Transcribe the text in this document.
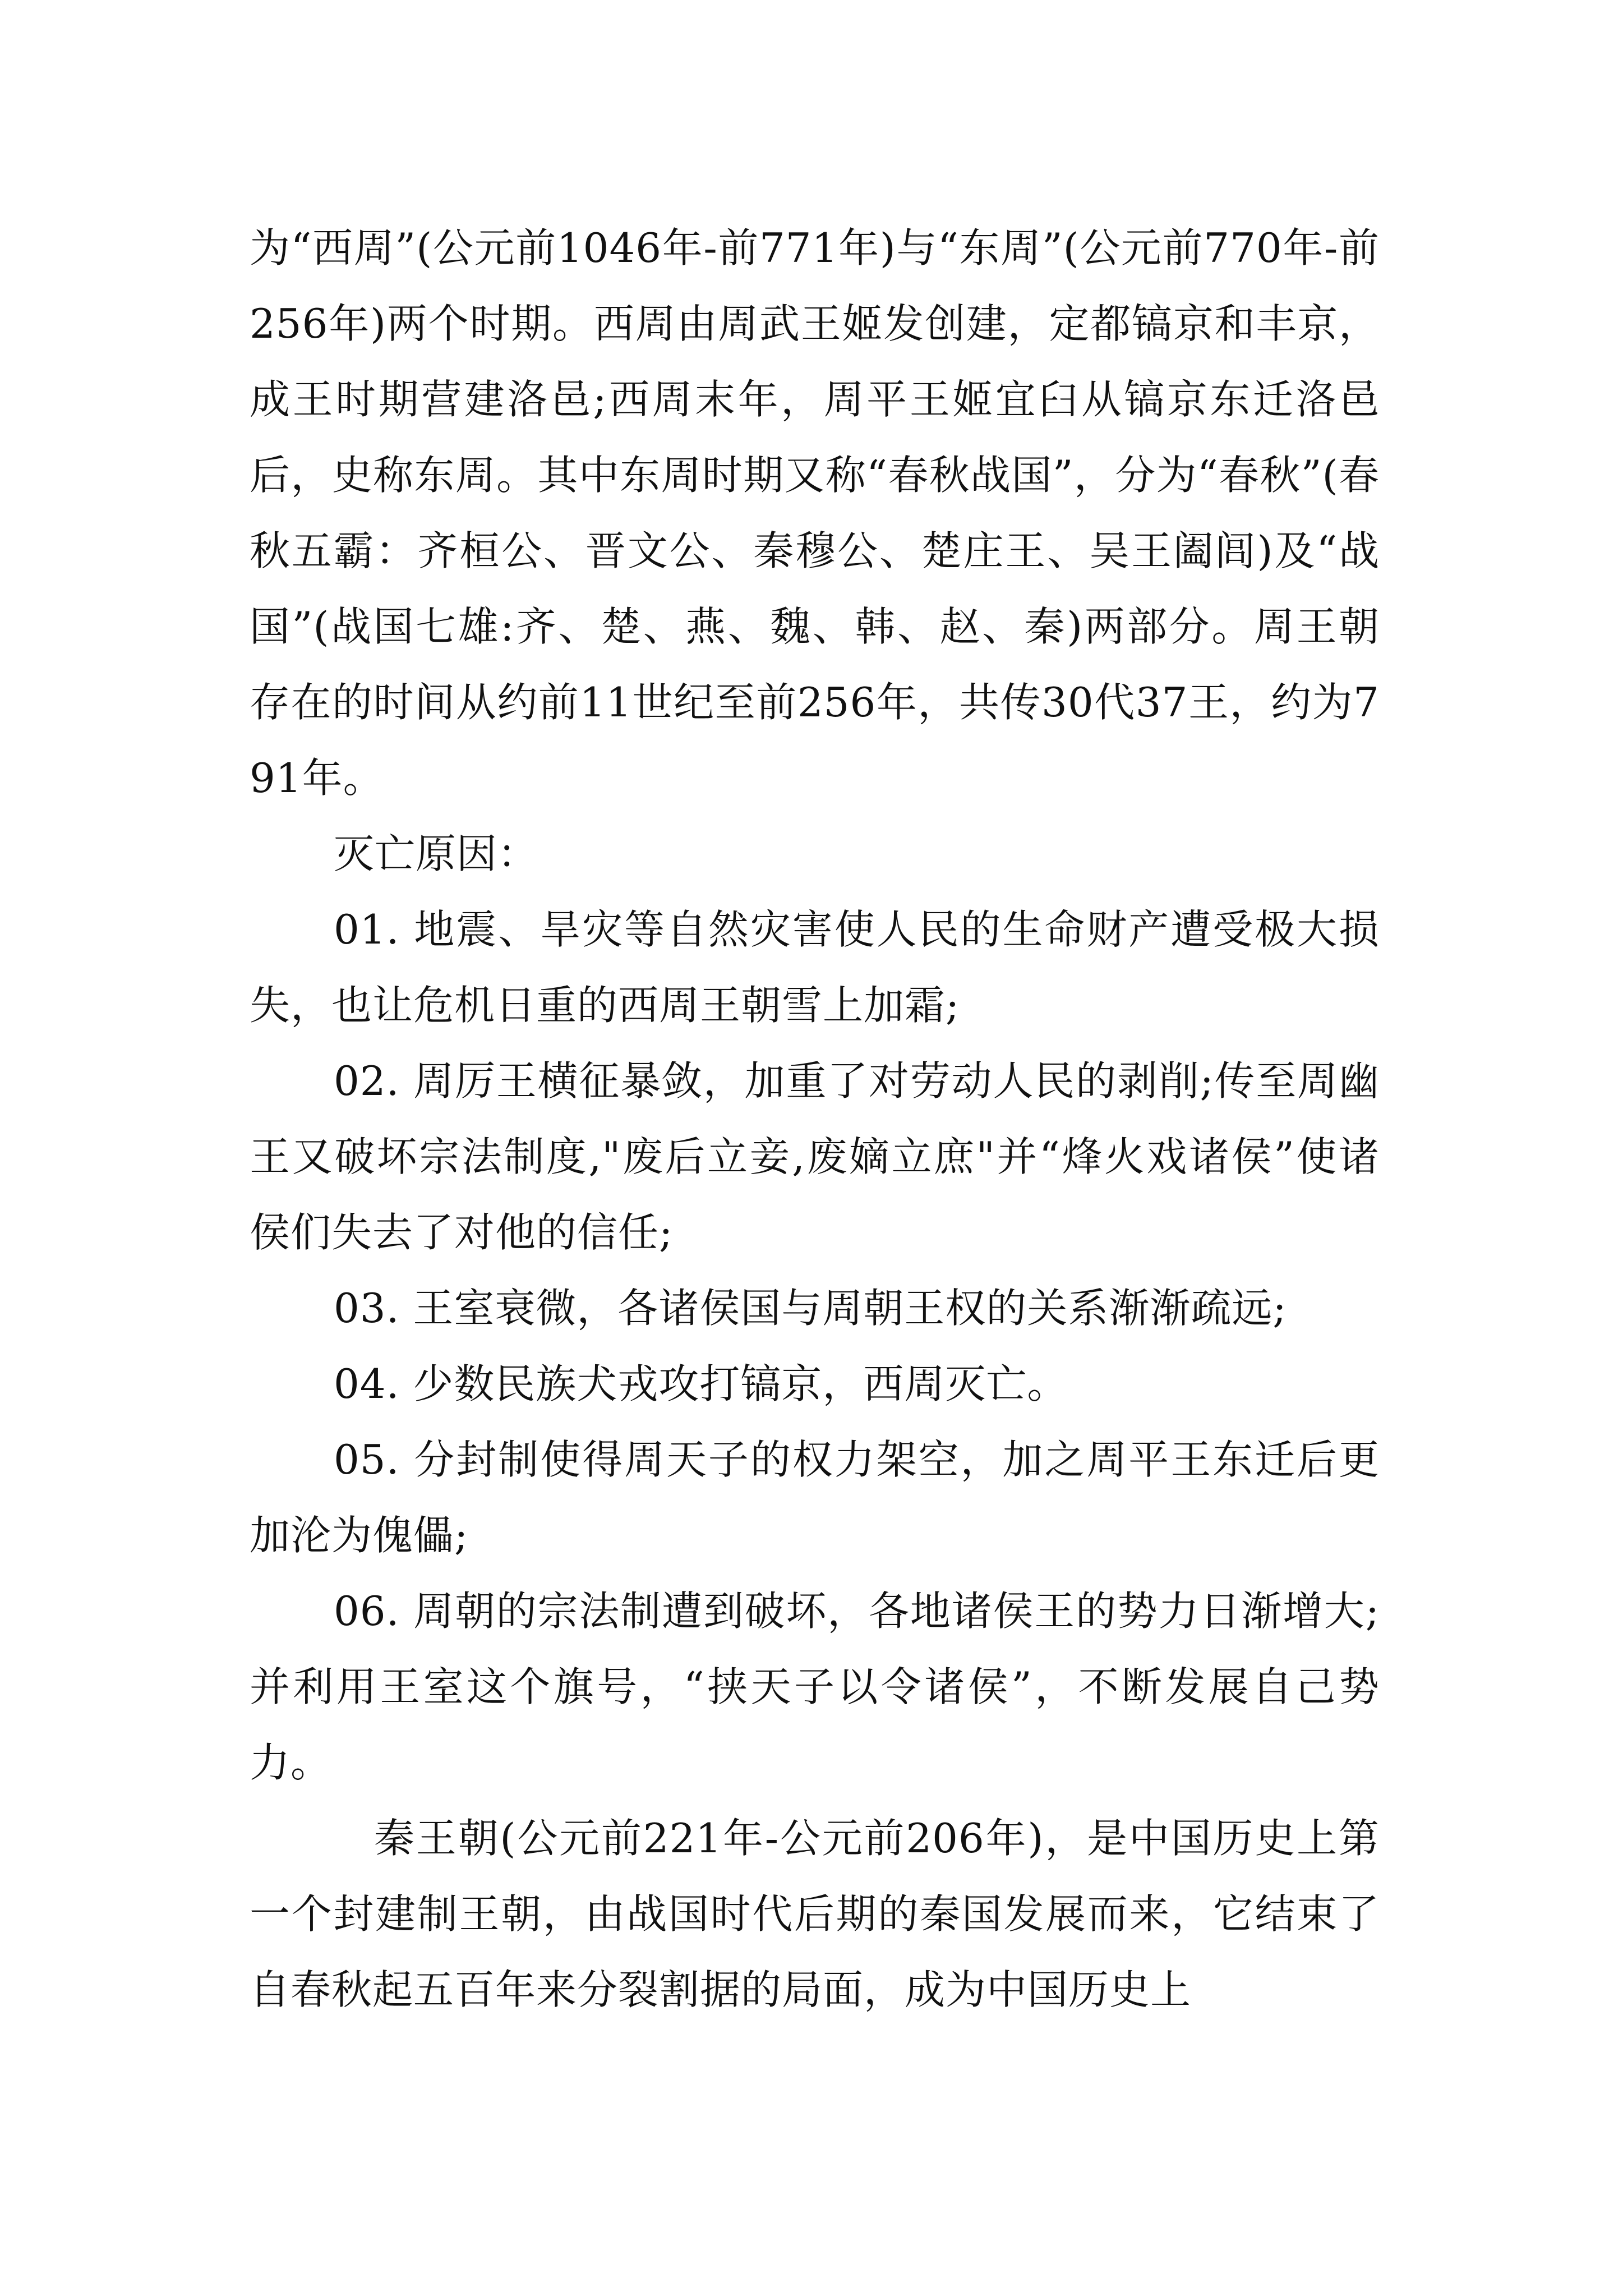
为“西周”(公元前1046年-前771年)与“东周”(公元前770年-前256年)两个时期。西周由周武王姬发创建，定都镐京和丰京，成王时期营建洛邑;西周末年，周平王姬宜臼从镐京东迁洛邑后，史称东周。其中东周时期又称“春秋战国”，分为“春秋”(春秋五霸：齐桓公、晋文公、秦穆公、楚庄王、吴王阖闾)及“战国”(战国七雄:齐、楚、燕、魏、韩、赵、秦)两部分。周王朝存在的时间从约前11世纪至前256年，共传30代37王，约为791年。

灭亡原因：

01. 地震、旱灾等自然灾害使人民的生命财产遭受极大损失，也让危机日重的西周王朝雪上加霜;

02. 周厉王横征暴敛，加重了对劳动人民的剥削;传至周幽王又破坏宗法制度,"废后立妾,废嫡立庶"并“烽火戏诸侯”使诸侯们失去了对他的信任;

03. 王室衰微，各诸侯国与周朝王权的关系渐渐疏远;

04. 少数民族犬戎攻打镐京，西周灭亡。

05. 分封制使得周天子的权力架空，加之周平王东迁后更加沦为傀儡;

06. 周朝的宗法制遭到破坏，各地诸侯王的势力日渐增大;并利用王室这个旗号，“挟天子以令诸侯”，不断发展自己势力。

秦王朝(公元前221年-公元前206年)，是中国历史上第一个封建制王朝，由战国时代后期的秦国发展而来，它结束了自春秋起五百年来分裂割据的局面，成为中国历史上
